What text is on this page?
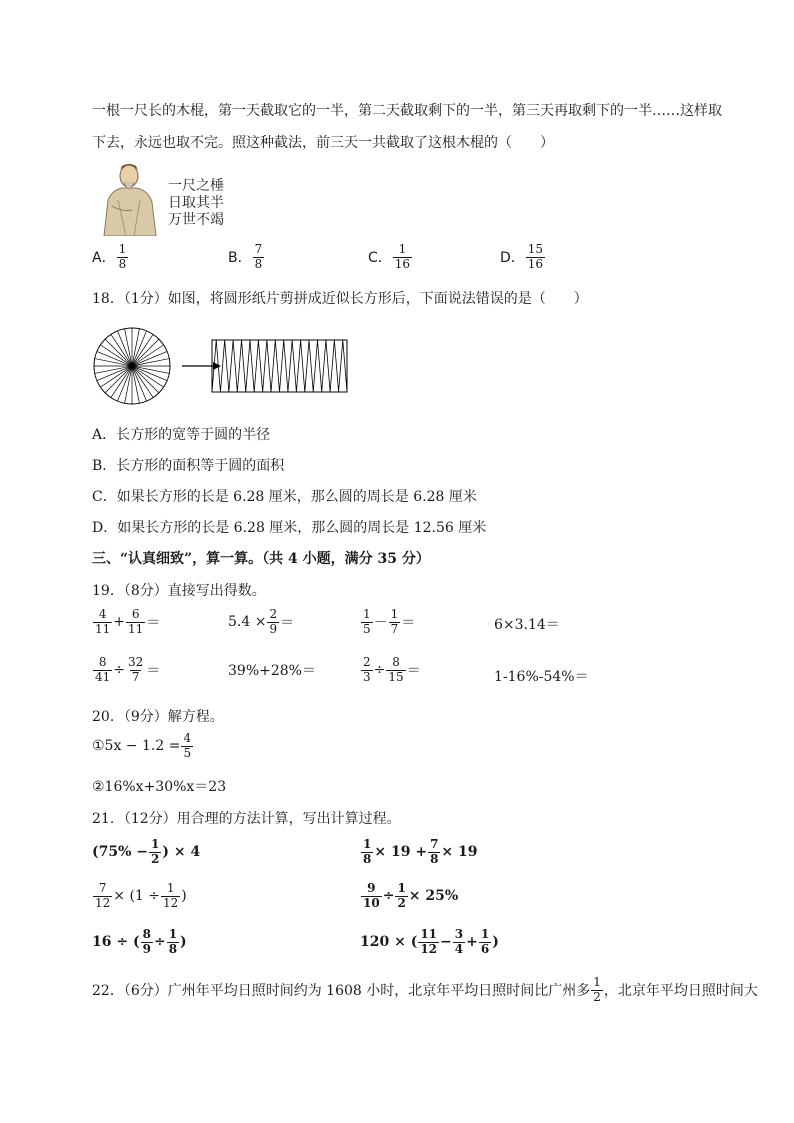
一根一尺长的木棍，第一天截取它的一半，第二天截取剩下的一半，第三天再取剩下的一半……这样取
下去，永远也取不完。照这种截法，前三天一共截取了这根木棍的（　　）
一尺之棰
日取其半
万世不竭
A． $\frac{1}{8}$	B． $\frac{7}{8}$	C． $\frac{1}{16}$	D． $\frac{15}{16}$
18．（1分）如图，将圆形纸片剪拼成近似长方形后，下面说法错误的是（　　）
A．长方形的宽等于圆的半径
B．长方形的面积等于圆的面积
C．如果长方形的长是 6.28 厘米，那么圆的周长是 6.28 厘米
D．如果长方形的长是 6.28 厘米，那么圆的周长是 12.56 厘米
三、“认真细致”，算一算。（共 4 小题，满分 35 分）
19．（8分）直接写出得数。
$\frac{4}{11} + \frac{6}{11}$ ＝	$5.4 \times \frac{2}{9}$ ＝	$\frac{1}{5} - \frac{1}{7}$ ＝	6×3.14＝
$\frac{8}{41} \div \frac{32}{7}$ ＝	39%+28%＝	$\frac{2}{3} \div \frac{8}{15}$ ＝	1-16%-54%＝
20．（9分）解方程。
①5x − $1.2 = \frac{4}{5}$
②16%x+30%x＝23
21．（12分）用合理的方法计算，写出计算过程。
($75\% - \frac{1}{2}$ ) × 4	$\frac{1}{8} \times 19 + \frac{7}{8} \times 19$
$\frac{7}{12} \times (1 \div \frac{1}{12}$ )	$\frac{9}{10} \div \frac{1}{2} \times 25\%$
16 ÷ ( $\frac{8}{9} \div \frac{1}{8}$ )	120 × ( $\frac{11}{12} - \frac{3}{4} + \frac{1}{6}$ )
22．（6分）广州年平均日照时间约为 1608 小时，北京年平均日照时间比广州多 $\frac{1}{2}$ ，北京年平均日照时间大
